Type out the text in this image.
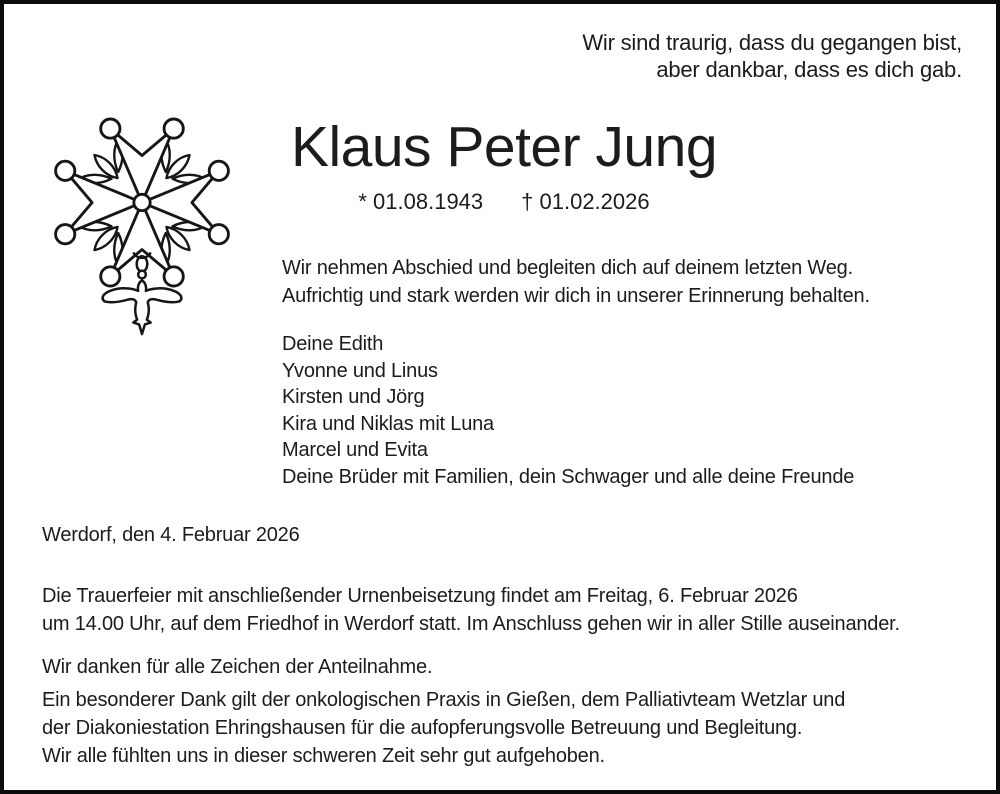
Wir sind traurig, dass du gegangen bist,
aber dankbar, dass es dich gab.
Klaus Peter Jung
* 01.08.1943 † 01.02.2026
Wir nehmen Abschied und begleiten dich auf deinem letzten Weg.
Aufrichtig und stark werden wir dich in unserer Erinnerung behalten.
Deine Edith
Yvonne und Linus
Kirsten und Jörg
Kira und Niklas mit Luna
Marcel und Evita
Deine Brüder mit Familien, dein Schwager und alle deine Freunde
Werdorf, den 4. Februar 2026
Die Trauerfeier mit anschließender Urnenbeisetzung findet am Freitag, 6. Februar 2026
um 14.00 Uhr, auf dem Friedhof in Werdorf statt. Im Anschluss gehen wir in aller Stille auseinander.
Wir danken für alle Zeichen der Anteilnahme.
Ein besonderer Dank gilt der onkologischen Praxis in Gießen, dem Palliativteam Wetzlar und
der Diakoniestation Ehringshausen für die aufopferungsvolle Betreuung und Begleitung.
Wir alle fühlten uns in dieser schweren Zeit sehr gut aufgehoben.
